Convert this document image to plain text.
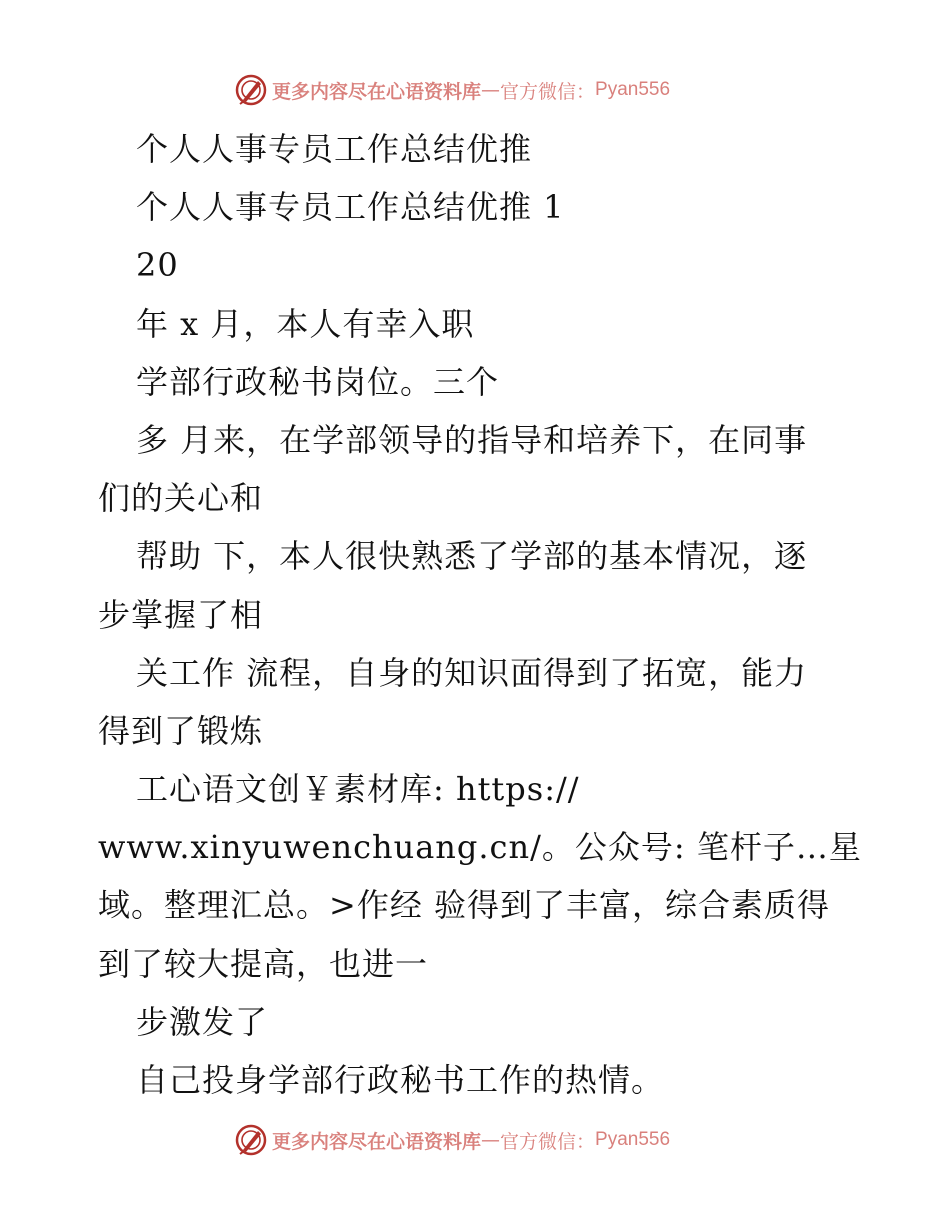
更多内容尽在心语资料库 — 官方微信： Pyan556
个人人事专员工作总结优推
个人人事专员工作总结优推 1
20
年 x 月，本人有幸入职
学部行政秘书岗位。三个
多 月来，在学部领导的指导和培养下，在同事
们的关心和
帮助 下，本人很快熟悉了学部的基本情况，逐
步掌握了相
关工作 流程，自身的知识面得到了拓宽，能力
得到了锻炼
工心语文创￥素材库: https://
www.xinyuwenchuang.cn/。公众号: 笔杆子…星
域。整理汇总。>作经 验得到了丰富，综合素质得
到了较大提高，也进一
步激发了
自己投身学部行政秘书工作的热情。
更多内容尽在心语资料库 — 官方微信： Pyan556
